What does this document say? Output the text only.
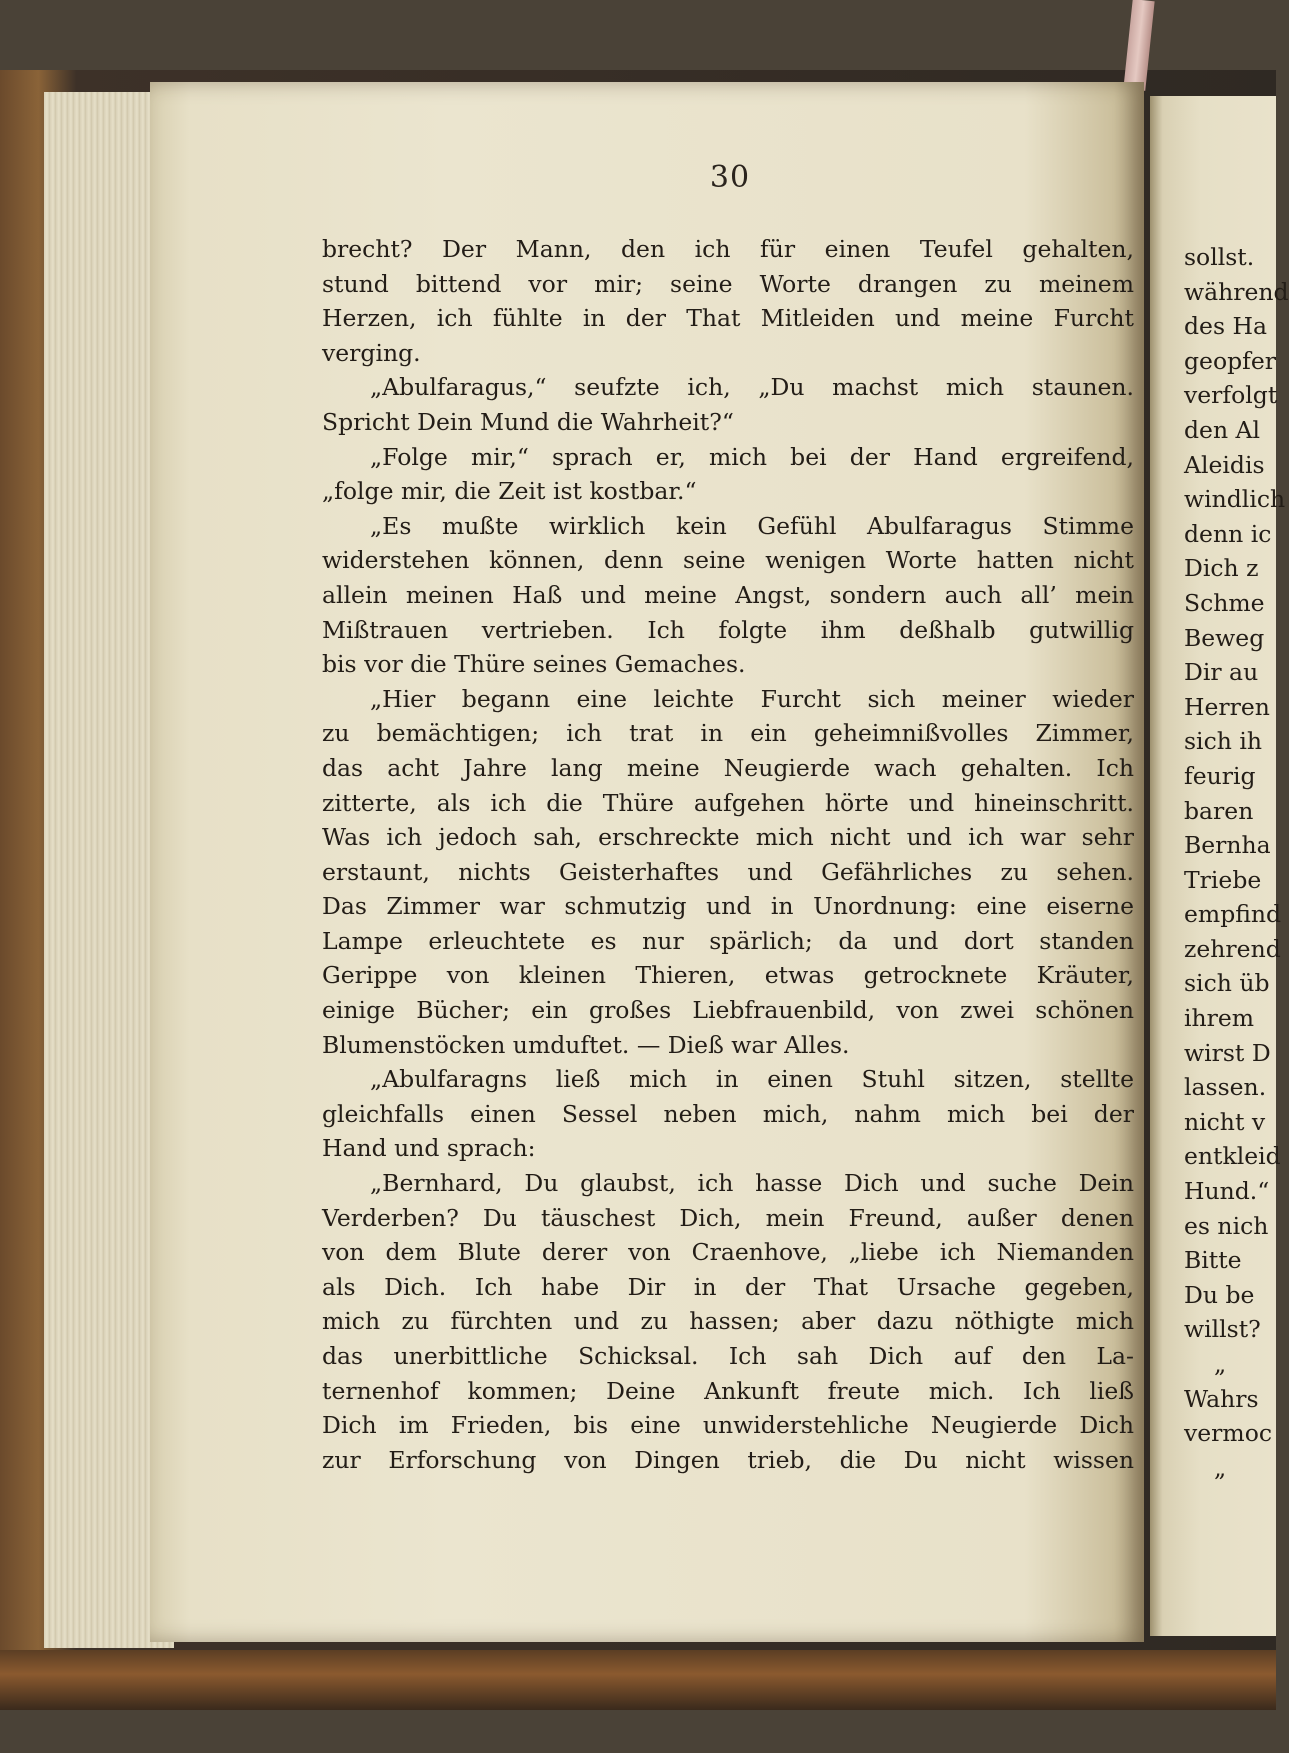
30
brecht? Der Mann, den ich für einen Teufel gehalten,
stund bittend vor mir; seine Worte drangen zu meinem
Herzen, ich fühlte in der That Mitleiden und meine Furcht
verging.
„Abulfaragus,“ seufzte ich, „Du machst mich staunen.
Spricht Dein Mund die Wahrheit?“
„Folge mir,“ sprach er, mich bei der Hand ergreifend,
„folge mir, die Zeit ist kostbar.“
„Es mußte wirklich kein Gefühl Abulfaragus Stimme
widerstehen können, denn seine wenigen Worte hatten nicht
allein meinen Haß und meine Angst, sondern auch all’ mein
Mißtrauen vertrieben. Ich folgte ihm deßhalb gutwillig
bis vor die Thüre seines Gemaches.
„Hier begann eine leichte Furcht sich meiner wieder
zu bemächtigen; ich trat in ein geheimnißvolles Zimmer,
das acht Jahre lang meine Neugierde wach gehalten. Ich
zitterte, als ich die Thüre aufgehen hörte und hineinschritt.
Was ich jedoch sah, erschreckte mich nicht und ich war sehr
erstaunt, nichts Geisterhaftes und Gefährliches zu sehen.
Das Zimmer war schmutzig und in Unordnung: eine eiserne
Lampe erleuchtete es nur spärlich; da und dort standen
Gerippe von kleinen Thieren, etwas getrocknete Kräuter,
einige Bücher; ein großes Liebfrauenbild, von zwei schönen
Blumenstöcken umduftet. — Dieß war Alles.
„Abulfaragns ließ mich in einen Stuhl sitzen, stellte
gleichfalls einen Sessel neben mich, nahm mich bei der
Hand und sprach:
„Bernhard, Du glaubst, ich hasse Dich und suche Dein
Verderben? Du täuschest Dich, mein Freund, außer denen
von dem Blute derer von Craenhove, „liebe ich Niemanden
als Dich. Ich habe Dir in der That Ursache gegeben,
mich zu fürchten und zu hassen; aber dazu nöthigte mich
das unerbittliche Schicksal. Ich sah Dich auf den La-
ternenhof kommen; Deine Ankunft freute mich. Ich ließ
Dich im Frieden, bis eine unwiderstehliche Neugierde Dich
zur Erforschung von Dingen trieb, die Du nicht wissen
sollst.
während
des Ha
geopfer
verfolgt
den Al
Aleidis
windlich
denn ic
Dich z
Schme
Beweg
Dir au
Herren
sich ih
feurig
baren
Bernha
Triebe
empfind
zehrend
sich üb
ihrem
wirst D
lassen.
nicht v
entkleid
Hund.“
es nich
Bitte
Du be
willst?
„
Wahrs
vermoc
„
